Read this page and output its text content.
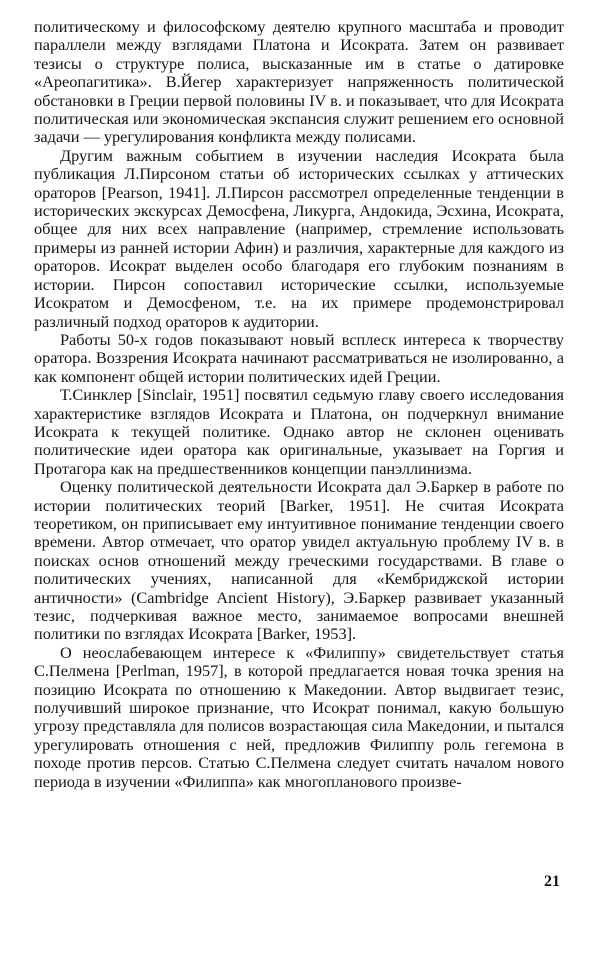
политическому и философскому деятелю крупного масштаба и проводит параллели между взглядами Платона и Исократа. Затем он развивает тезисы о структуре полиса, высказанные им в статье о датировке «Ареопагитика». В.Йегер характеризует напряженность политической обстановки в Греции первой половины IV в. и показывает, что для Исократа политическая или экономическая экспансия служит решением его основной задачи — урегулирования конфликта между полисами.

Другим важным событием в изучении наследия Исократа была публикация Л.Пирсоном статьи об исторических ссылках у аттических ораторов [Pearson, 1941]. Л.Пирсон рассмотрел определенные тенденции в исторических экскурсах Демосфена, Ликурга, Андокида, Эсхина, Исократа, общее для них всех направление (например, стремление использовать примеры из ранней истории Афин) и различия, характерные для каждого из ораторов. Исократ выделен особо благодаря его глубоким познаниям в истории. Пирсон сопоставил исторические ссылки, используемые Исократом и Демосфеном, т.е. на их примере продемонстрировал различный подход ораторов к аудитории.

Работы 50-х годов показывают новый всплеск интереса к творчеству оратора. Воззрения Исократа начинают рассматриваться не изолированно, а как компонент общей истории политических идей Греции.

Т.Синклер [Sinclair, 1951] посвятил седьмую главу своего исследования характеристике взглядов Исократа и Платона, он подчеркнул внимание Исократа к текущей политике. Однако автор не склонен оценивать политические идеи оратора как оригинальные, указывает на Горгия и Протагора как на предшественников концепции панэллинизма.

Оценку политической деятельности Исократа дал Э.Баркер в работе по истории политических теорий [Barker, 1951]. Не считая Исократа теоретиком, он приписывает ему интуитивное понимание тенденции своего времени. Автор отмечает, что оратор увидел актуальную проблему IV в. в поисках основ отношений между греческими государствами. В главе о политических учениях, написанной для «Кембриджской истории античности» (Cambridge Ancient History), Э.Баркер развивает указанный тезис, подчеркивая важное место, занимаемое вопросами внешней политики по взглядах Исократа [Barker, 1953].

О неослабевающем интересе к «Филиппу» свидетельствует статья С.Пелмена [Perlman, 1957], в которой предлагается новая точка зрения на позицию Исократа по отношению к Македонии. Автор выдвигает тезис, получивший широкое признание, что Исократ понимал, какую большую угрозу представляла для полисов возрастающая сила Македонии, и пытался урегулировать отношения с ней, предложив Филиппу роль гегемона в походе против персов. Статью С.Пелмена следует считать началом нового периода в изучении «Филиппа» как многопланового произве-

21
